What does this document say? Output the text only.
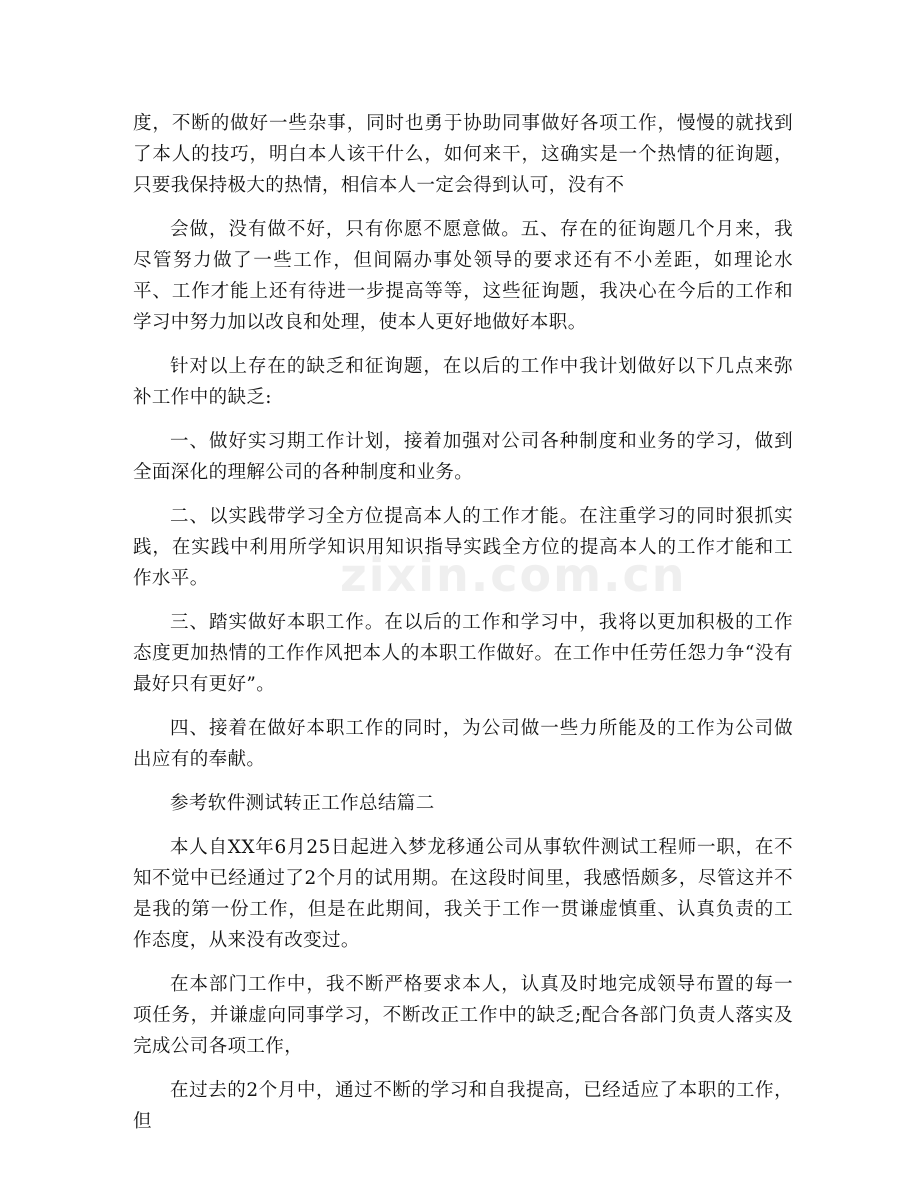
zixin.com.cn

度，不断的做好一些杂事，同时也勇于协助同事做好各项工作，慢慢的就找到了本人的技巧，明白本人该干什么，如何来干，这确实是一个热情的征询题，只要我保持极大的热情，相信本人一定会得到认可，没有不

会做，没有做不好，只有你愿不愿意做。五、存在的征询题几个月来，我尽管努力做了一些工作，但间隔办事处领导的要求还有不小差距，如理论水平、工作才能上还有待进一步提高等等，这些征询题，我决心在今后的工作和学习中努力加以改良和处理，使本人更好地做好本职。

针对以上存在的缺乏和征询题，在以后的工作中我计划做好以下几点来弥补工作中的缺乏:

一、做好实习期工作计划，接着加强对公司各种制度和业务的学习，做到全面深化的理解公司的各种制度和业务。

二、以实践带学习全方位提高本人的工作才能。在注重学习的同时狠抓实践，在实践中利用所学知识用知识指导实践全方位的提高本人的工作才能和工作水平。

三、踏实做好本职工作。在以后的工作和学习中，我将以更加积极的工作态度更加热情的工作作风把本人的本职工作做好。在工作中任劳任怨力争“没有最好只有更好”。

四、接着在做好本职工作的同时，为公司做一些力所能及的工作为公司做出应有的奉献。

参考软件测试转正工作总结篇二

本人自XX年6月25日起进入梦龙移通公司从事软件测试工程师一职，在不知不觉中已经通过了2个月的试用期。在这段时间里，我感悟颇多，尽管这并不是我的第一份工作，但是在此期间，我关于工作一贯谦虚慎重、认真负责的工作态度，从来没有改变过。

在本部门工作中，我不断严格要求本人，认真及时地完成领导布置的每一项任务，并谦虚向同事学习，不断改正工作中的缺乏;配合各部门负责人落实及完成公司各项工作，

在过去的2个月中，通过不断的学习和自我提高，已经适应了本职的工作，但
